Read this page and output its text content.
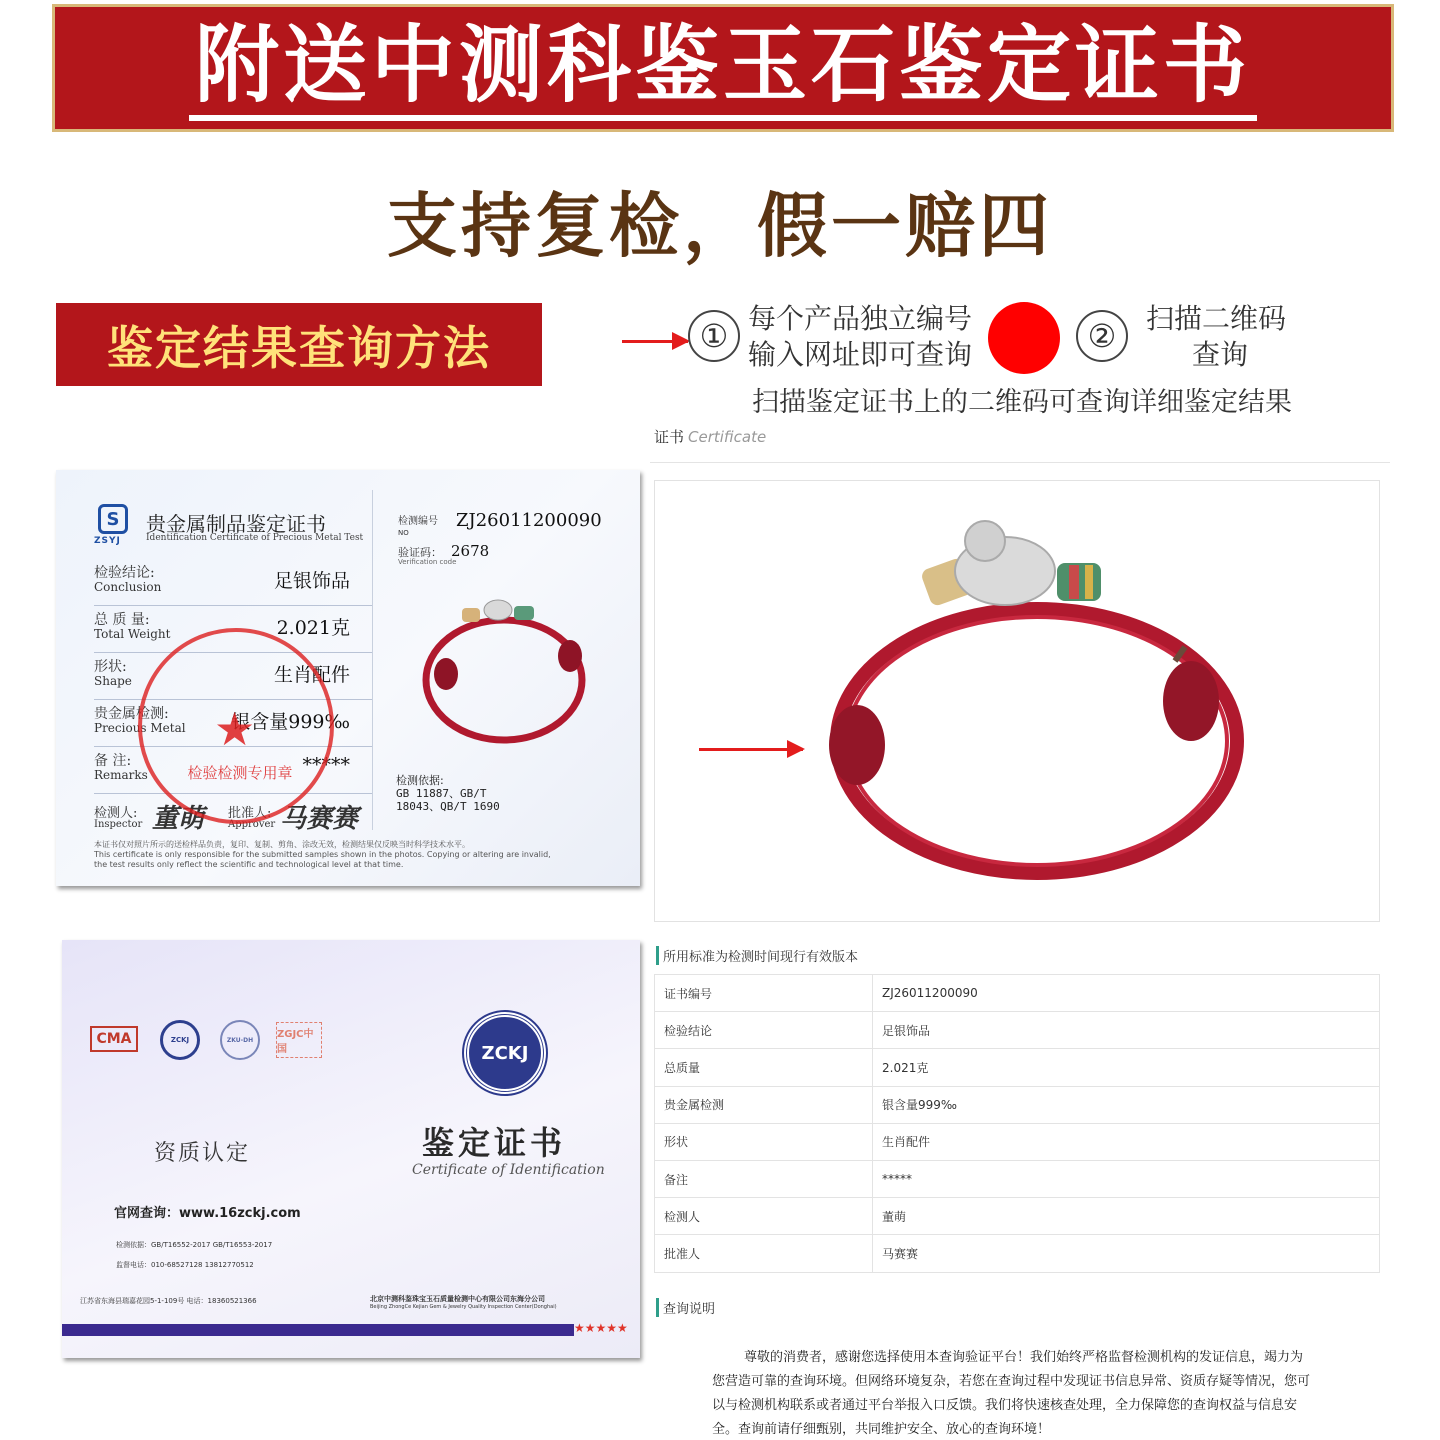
附送中测科鉴玉石鉴定证书
支持复检，假一赔四
鉴定结果查询方法	① 每个产品独立编号
输入网址即可查询	②	扫描二维码
查询
扫描鉴定证书上的二维码可查询详细鉴定结果
证书 Certificate
S
ZSYJ
贵金属制品鉴定证书
Identification Certificate of Precious Metal Test
检验结论:
Conclusion	足银饰品
总 质 量:
Total Weight	2.021克
形状:
Shape	生肖配件
贵金属检测:
Precious Metal 银含量999‰
备 注:
Remarks	*****
检测人:
Inspector 董萌 批准人:
Approver 马赛赛
★
检验检测专用章
检测编号
NO
ZJ26011200090
验证码： 2678
Verification code
检测依据:
GB 11887、GB/T
18043、QB/T 1690
本证书仅对照片所示的送检样品负责，复印、复制、剪角、涂改无效，检测结果仅反映当时科学技术水平。
This certificate is only responsible for the submitted samples shown in the photos. Copying or altering are invalid,
the test results only reflect the scientific and technological level at that time.
CMA	ZCKJ	ZKU-DH	ZGJC中国	ZCKJ
资质认定	鉴定证书
Certificate of Identification
官网查询：www.16zckj.com
检测依据：GB/T16552-2017 GB/T16553-2017
监督电话：010-68527128 13812770512
江苏省东海县瑞嘉花园5-1-109号 电话：18360521366	北京中测科鉴珠宝玉石质量检测中心有限公司东海分公司
Beijing ZhongCe Kejian Gem & Jewelry Quality Inspection Center(Donghai)
★★★★★
所用标准为检测时间现行有效版本
证书编号	ZJ26011200090
检验结论	足银饰品
总质量	2.021克
贵金属检测	银含量999‰
形状	生肖配件
备注	*****
检测人	董萌
批准人	马赛赛
查询说明
尊敬的消费者，感谢您选择使用本查询验证平台！我们始终严格监督检测机构的发证信息，竭力为您营造可靠的查询环境。但网络环境复杂，若您在查询过程中发现证书信息异常、资质存疑等情况，您可以与检测机构联系或者通过平台举报入口反馈。我们将快速核查处理，全力保障您的查询权益与信息安全。查询前请仔细甄别，共同维护安全、放心的查询环境！
